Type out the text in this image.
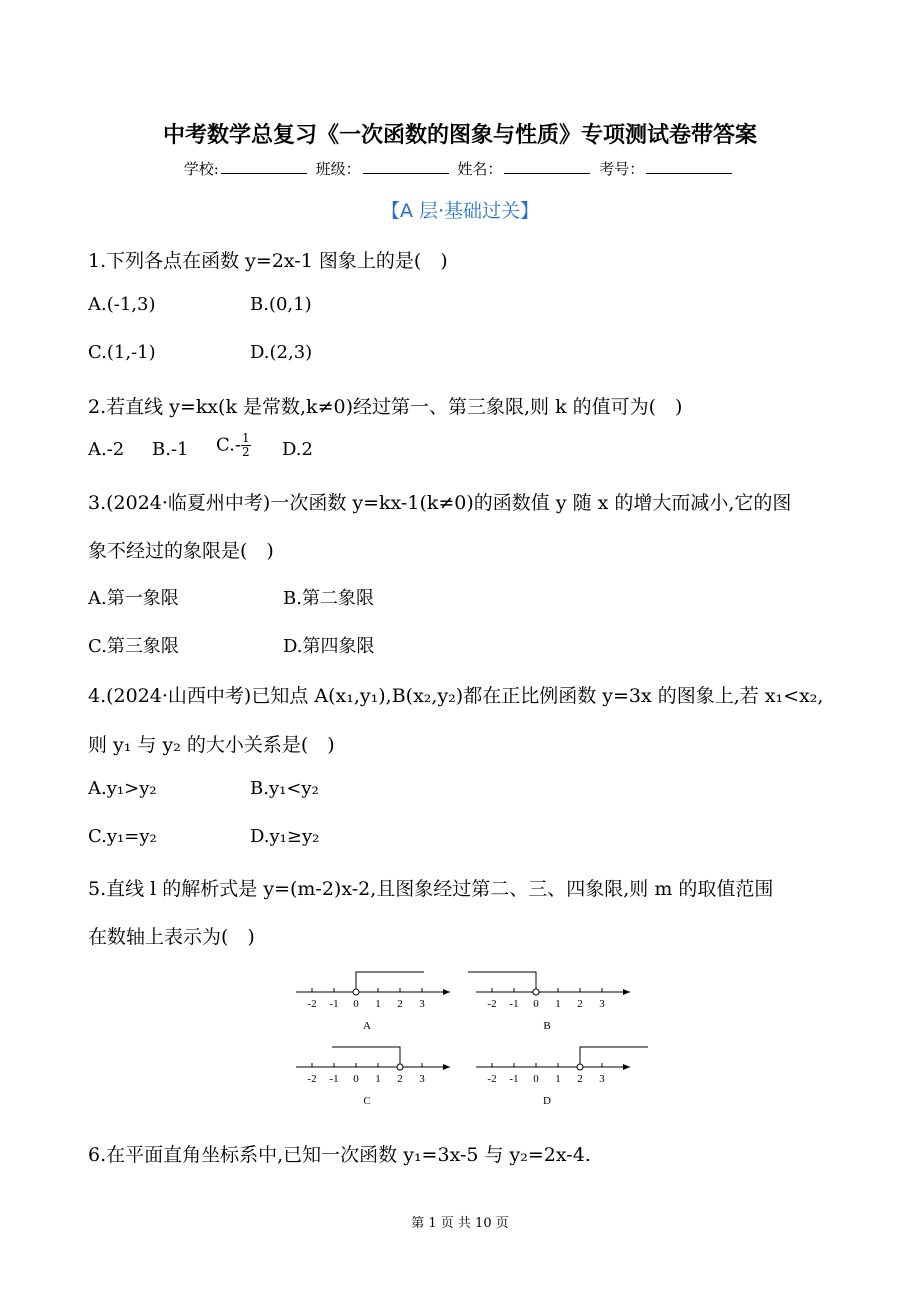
中考数学总复习《一次函数的图象与性质》专项测试卷带答案
学校:	班级：	姓名：	考号：
【A 层·基础过关】
1.下列各点在函数 y=2x-1 图象上的是(　)
A.(-1,3)	B.(0,1)
C.(1,-1)	D.(2,3)
2.若直线 y=kx(k 是常数,k≠0)经过第一、第三象限,则 k 的值可为(　)
A.-2 B.-1 $C.- \frac{1}{2} D.2$
3.(2024·临夏州中考)一次函数 y=kx-1(k≠0)的函数值 y 随 x 的增大而减小,它的图
象不经过的象限是(　)
A.第一象限	B.第二象限
C.第三象限	D.第四象限
4.(2024·山西中考)已知点 A(x₁,y₁),B(x₂,y₂)都在正比例函数 y=3x 的图象上,若 x₁<x₂,
则 y₁ 与 y₂ 的大小关系是(　)
A.y₁>y₂	B.y₁<y₂
C.y₁=y₂	D.y₁≥y₂
5.直线 l 的解析式是 y=(m-2)x-2,且图象经过第二、三、四象限,则 m 的取值范围
在数轴上表示为(　)
-2 -1 0 1 2 3
A
-2 -1 0 1 2 3
B
-2 -1 0 1 2 3
C
-2 -1 0 1 2 3
D
6.在平面直角坐标系中,已知一次函数 y₁=3x-5 与 y₂=2x-4.
第 1 页 共 10 页
